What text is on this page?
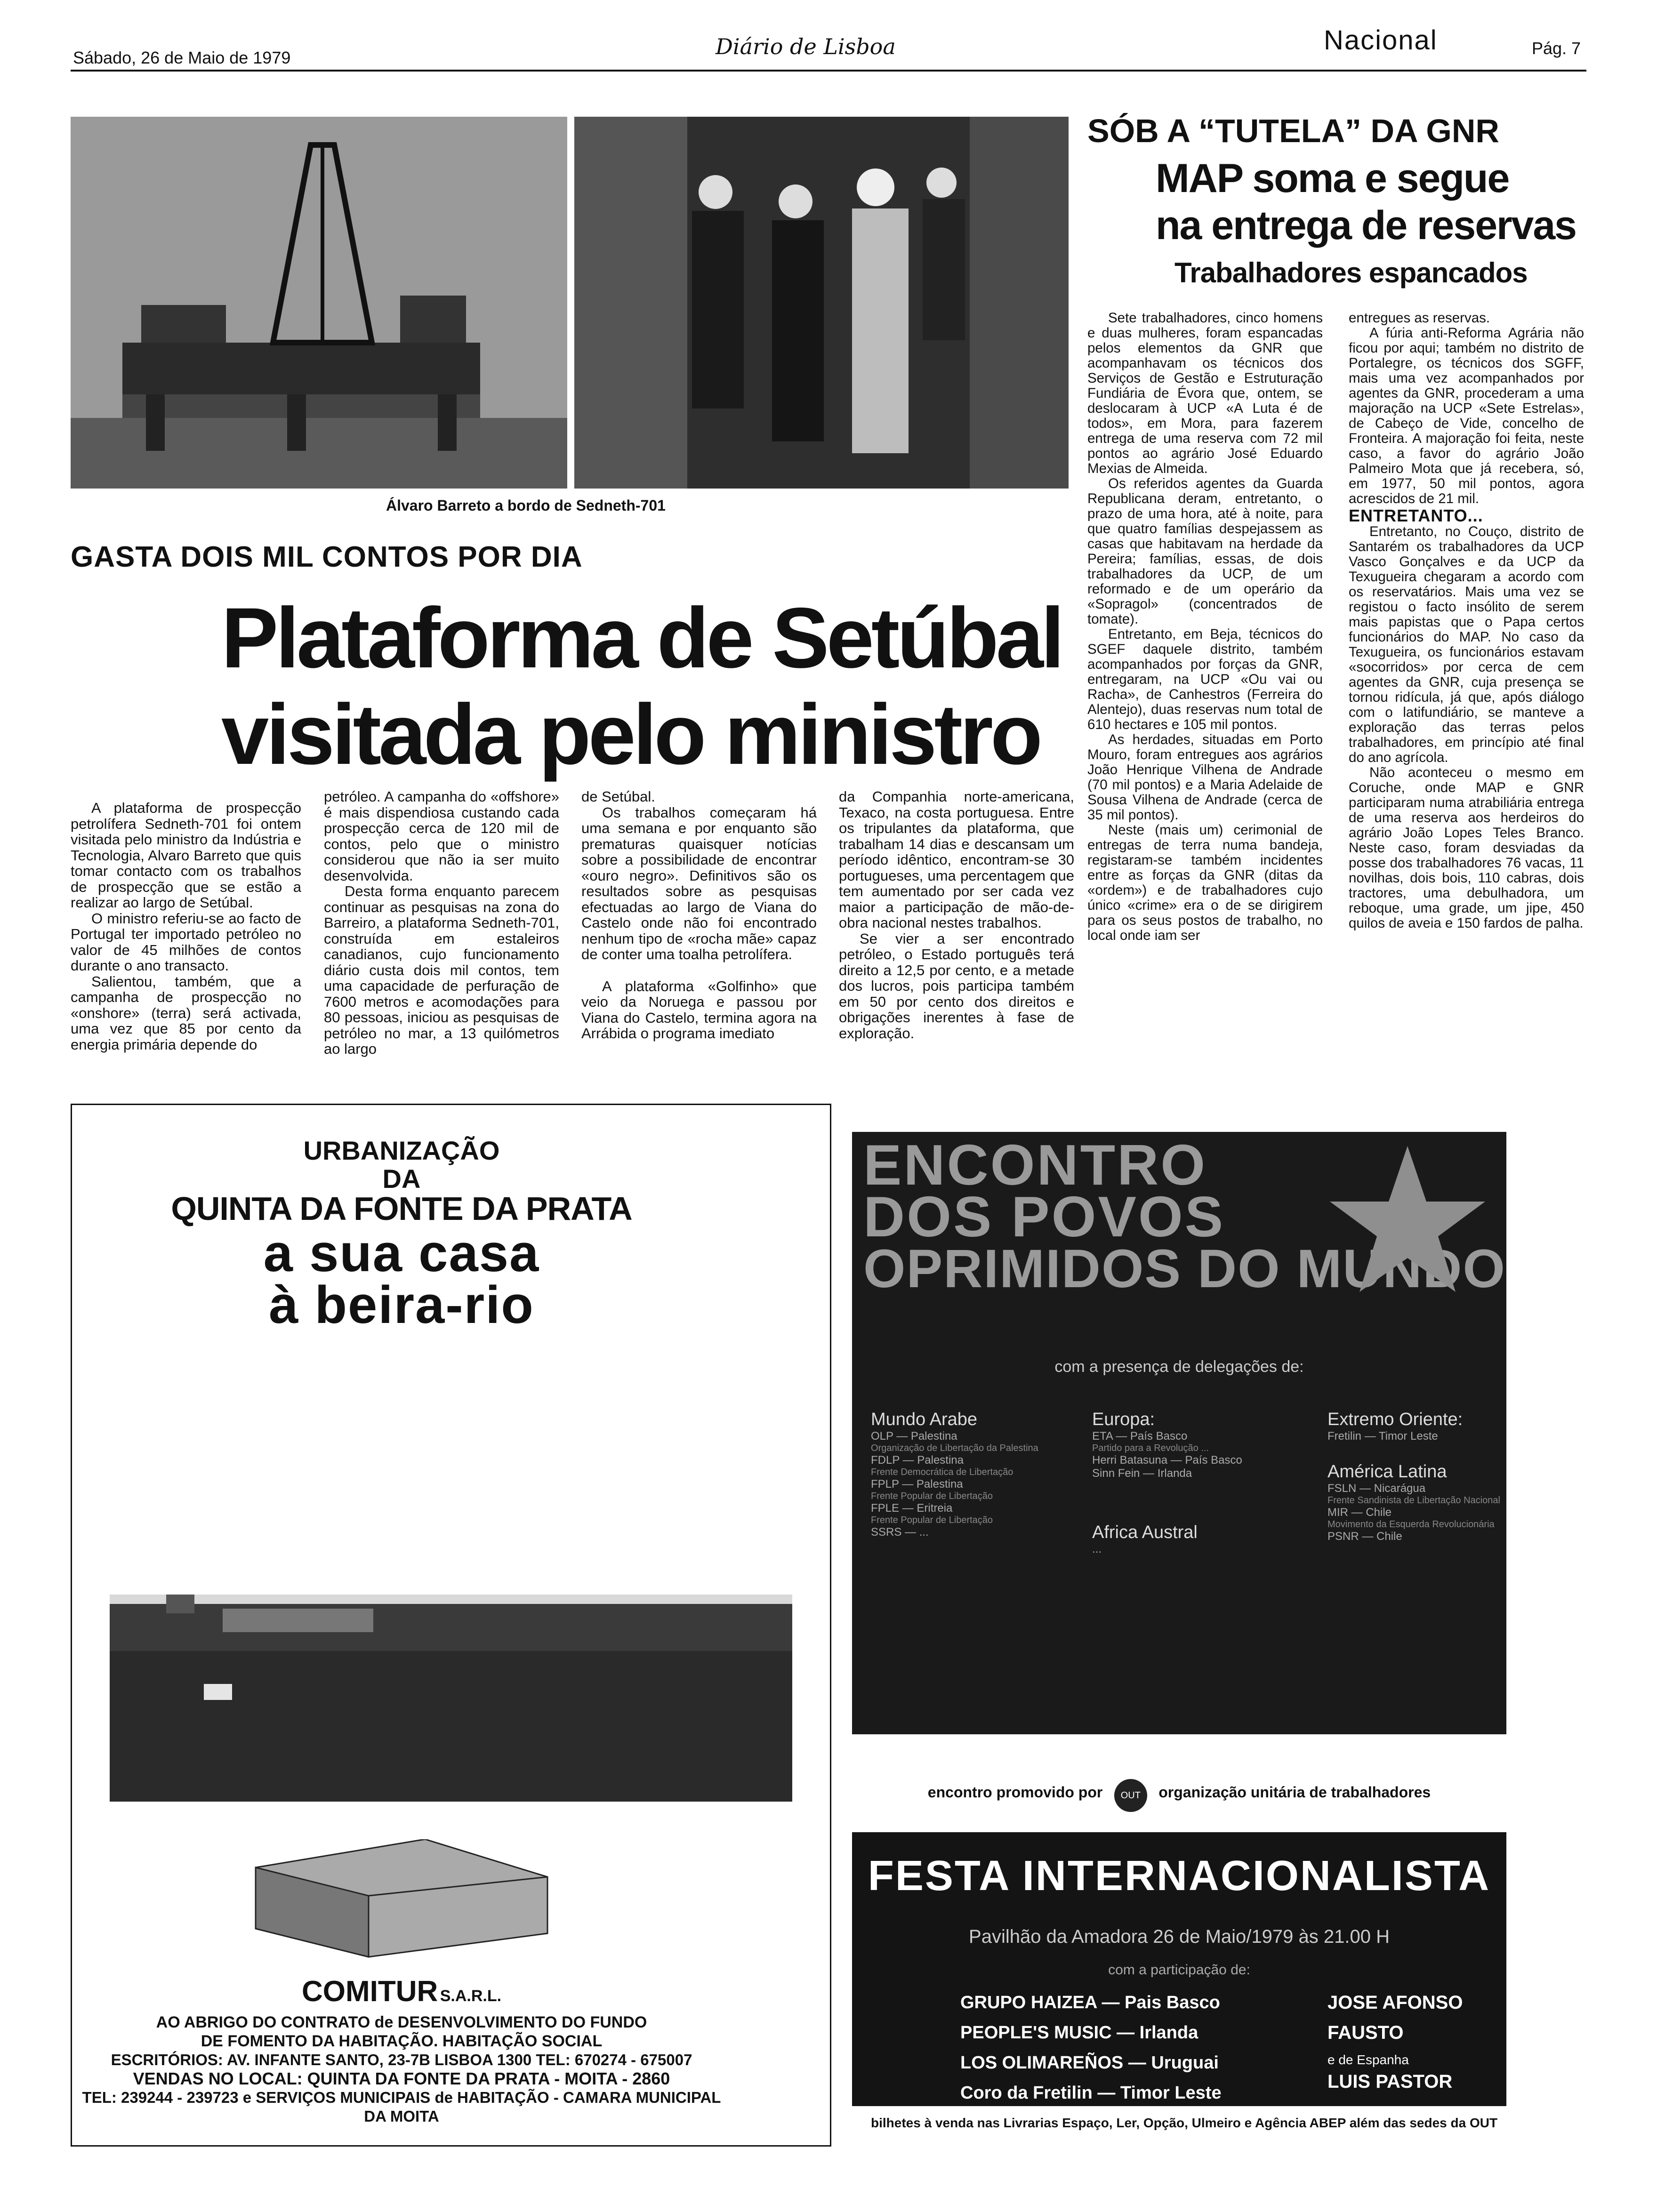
Sábado, 26 de Maio de 1979	Diário de Lisboa	Nacional	Pág. 7
Álvaro Barreto a bordo de Sedneth-701
GASTA DOIS MIL CONTOS POR DIA
Plataforma de Setúbal
visitada pelo ministro

A plataforma de prospecção petrolífera Sedneth-701 foi ontem visitada pelo ministro da Indústria e Tecnologia, Alvaro Barreto que quis tomar contacto com os trabalhos de prospecção que se estão a realizar ao largo de Setúbal.

O ministro referiu-se ao facto de Portugal ter importado petróleo no valor de 45 milhões de contos durante o ano transacto.

Salientou, também, que a campanha de prospecção no «onshore» (terra) será activada, uma vez que 85 por cento da energia primária depende do

petróleo. A campanha do «offshore» é mais dispendiosa custando cada prospecção cerca de 120 mil de contos, pelo que o ministro considerou que não ia ser muito desenvolvida.

Desta forma enquanto parecem continuar as pesquisas na zona do Barreiro, a plataforma Sedneth-701, construída em estaleiros canadianos, cujo funcionamento diário custa dois mil contos, tem uma capacidade de perfuração de 7600 metros e acomodações para 80 pessoas, iniciou as pesquisas de petróleo no mar, a 13 quilómetros ao largo

de Setúbal.

Os trabalhos começaram há uma semana e por enquanto são prematuras quaisquer notícias sobre a possibilidade de encontrar «ouro negro». Definitivos são os resultados sobre as pesquisas efectuadas ao largo de Viana do Castelo onde não foi encontrado nenhum tipo de «rocha mãe» capaz de conter uma toalha petrolífera.

A plataforma «Golfinho» que veio da Noruega e passou por Viana do Castelo, termina agora na Arrábida o programa imediato

da Companhia norte-americana, Texaco, na costa portuguesa. Entre os tripulantes da plataforma, que trabalham 14 dias e descansam um período idêntico, encontram-se 30 portugueses, uma percentagem que tem aumentado por ser cada vez maior a participação de mão-de-obra nacional nestes trabalhos.

Se vier a ser encontrado petróleo, o Estado português terá direito a 12,5 por cento, e a metade dos lucros, pois participa também em 50 por cento dos direitos e obrigações inerentes à fase de exploração.

SÓB A “TUTELA” DA GNR
MAP soma e segue
na entrega de reservas
Trabalhadores espancados

Sete trabalhadores, cinco homens e duas mulheres, foram espancadas pelos elementos da GNR que acompanhavam os técnicos dos Serviços de Gestão e Estruturação Fundiária de Évora que, ontem, se deslocaram à UCP «A Luta é de todos», em Mora, para fazerem entrega de uma reserva com 72 mil pontos ao agrário José Eduardo Mexias de Almeida.

Os referidos agentes da Guarda Republicana deram, entretanto, o prazo de uma hora, até à noite, para que quatro famílias despejassem as casas que habitavam na herdade da Pereira; famílias, essas, de dois trabalhadores da UCP, de um reformado e de um operário da «Sopragol» (concentrados de tomate).

Entretanto, em Beja, técnicos do SGEF daquele distrito, também acompanhados por forças da GNR, entregaram, na UCP «Ou vai ou Racha», de Canhestros (Ferreira do Alentejo), duas reservas num total de 610 hectares e 105 mil pontos.

As herdades, situadas em Porto Mouro, foram entregues aos agrários João Henrique Vilhena de Andrade (70 mil pontos) e a Maria Adelaide de Sousa Vilhena de Andrade (cerca de 35 mil pontos).

Neste (mais um) cerimonial de entregas de terra numa bandeja, registaram-se também incidentes entre as forças da GNR (ditas da «ordem») e de trabalhadores cujo único «crime» era o de se dirigirem para os seus postos de trabalho, no local onde iam ser

entregues as reservas.

A fúria anti-Reforma Agrária não ficou por aqui; também no distrito de Portalegre, os técnicos dos SGFF, mais uma vez acompanhados por agentes da GNR, procederam a uma majoração na UCP «Sete Estrelas», de Cabeço de Vide, concelho de Fronteira. A majoração foi feita, neste caso, a favor do agrário João Palmeiro Mota que já recebera, só, em 1977, 50 mil pontos, agora acrescidos de 21 mil.

ENTRETANTO...

Entretanto, no Couço, distrito de Santarém os trabalhadores da UCP Vasco Gonçalves e da UCP da Texugueira chegaram a acordo com os reservatários. Mais uma vez se registou o facto insólito de serem mais papistas que o Papa certos funcionários do MAP. No caso da Texugueira, os funcionários estavam «socorridos» por cerca de cem agentes da GNR, cuja presença se tornou ridícula, já que, após diálogo com o latifundiário, se manteve a exploração das terras pelos trabalhadores, em princípio até final do ano agrícola.

Não aconteceu o mesmo em Coruche, onde MAP e GNR participaram numa atrabiliária entrega de uma reserva aos herdeiros do agrário João Lopes Teles Branco. Neste caso, foram desviadas da posse dos trabalhadores 76 vacas, 11 novilhas, dois bois, 110 cabras, dois tractores, uma debulhadora, um reboque, uma grade, um jipe, 450 quilos de aveia e 150 fardos de palha.

URBANIZAÇÃO
DA
QUINTA DA FONTE DA PRATA
a sua casa
à beira-rio
COMITUR S.A.R.L.
AO ABRIGO DO CONTRATO de DESENVOLVIMENTO DO FUNDO
DE FOMENTO DA HABITAÇÃO. HABITAÇÃO SOCIAL
ESCRITÓRIOS: AV. INFANTE SANTO, 23-7B LISBOA 1300 TEL: 670274 - 675007
VENDAS NO LOCAL: QUINTA DA FONTE DA PRATA - MOITA - 2860
TEL: 239244 - 239723 e SERVIÇOS MUNICIPAIS de HABITAÇÃO - CAMARA MUNICIPAL
DA MOITA
ENCONTRO
DOS POVOS
OPRIMIDOS DO MUNDO
com a presença de delegações de:
Mundo Arabe
OLP — Palestina
Organização de Libertação da Palestina
FDLP — Palestina
Frente Democrática de Libertação
FPLP — Palestina
Frente Popular de Libertação
FPLE — Eritreia
Frente Popular de Libertação
SSRS — ...
Europa:
ETA — País Basco
Partido para a Revolução ...
Herri Batasuna — País Basco
Sinn Fein — Irlanda
Africa Austral
...
Extremo Oriente:
Fretilin — Timor Leste
América Latina
FSLN — Nicarágua
Frente Sandinista de Libertação Nacional
MIR — Chile
Movimento da Esquerda Revolucionária
PSNR — Chile
encontro promovido por OUT organização unitária de trabalhadores
FESTA INTERNACIONALISTA
Pavilhão da Amadora 26 de Maio/1979 às 21.00 H
com a participação de:
GRUPO HAIZEA — Pais Basco
PEOPLE'S MUSIC — Irlanda
LOS OLIMAREÑOS — Uruguai
Coro da Fretilin — Timor Leste
JOSE AFONSO
FAUSTO
e de Espanha
LUIS PASTOR
bilhetes à venda nas Livrarias Espaço, Ler, Opção, Ulmeiro e Agência ABEP além das sedes da OUT
